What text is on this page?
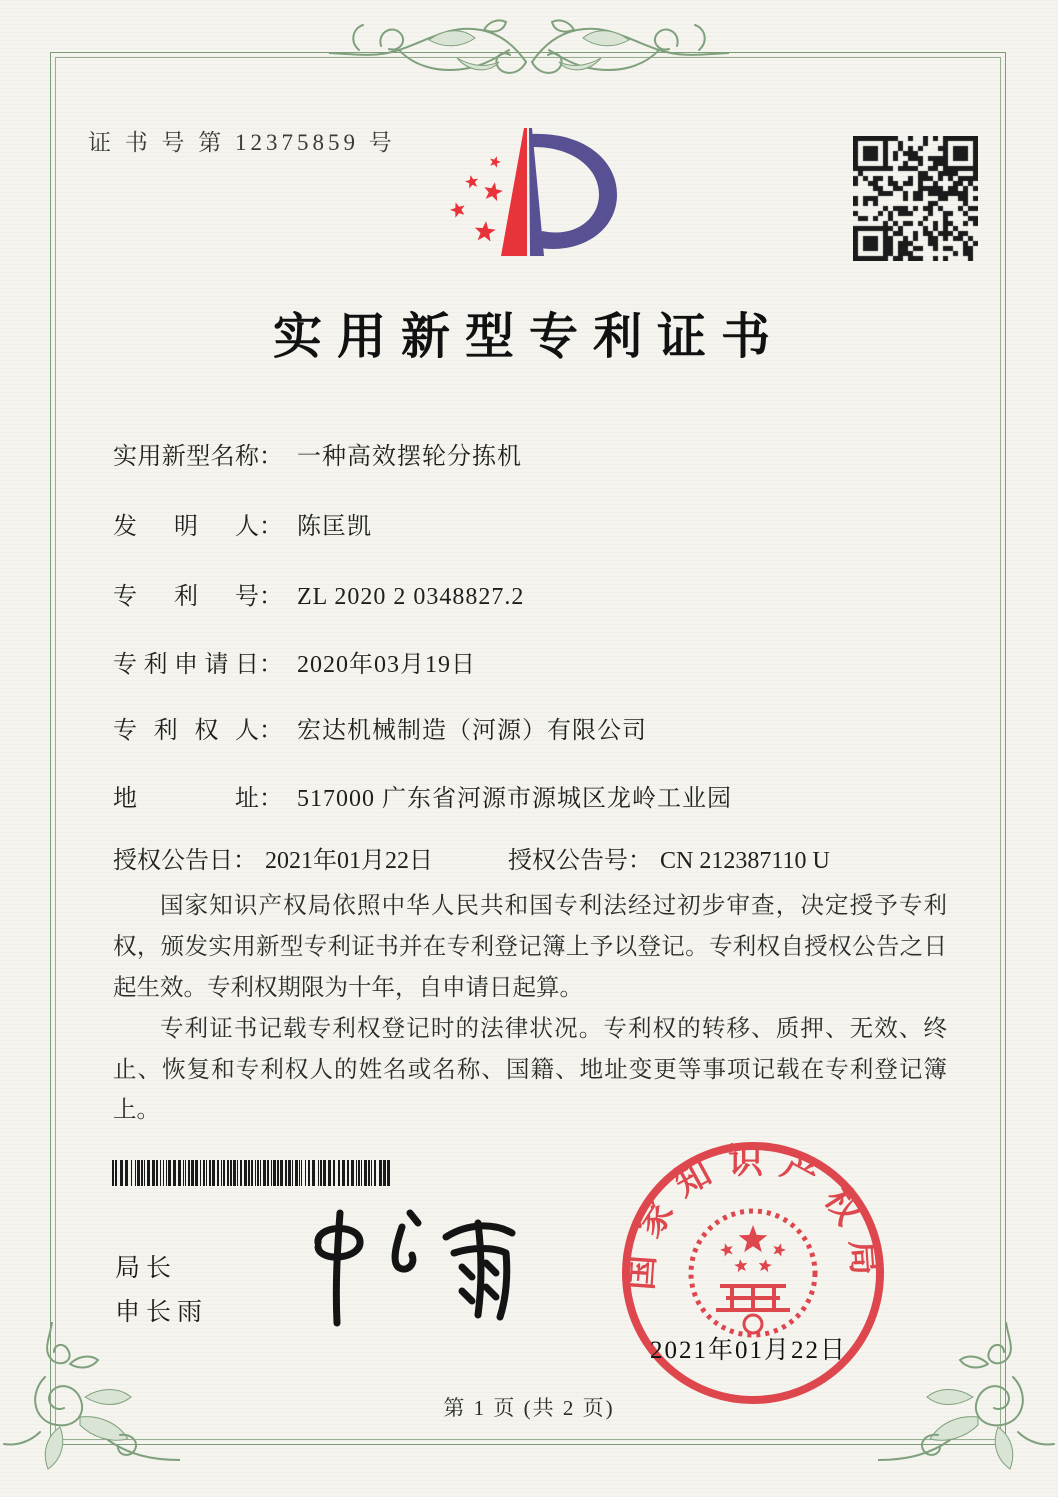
证 书 号 第 12375859 号
实用新型专利证书
实用新型名称： 一种高效摆轮分拣机
发明人： 陈匡凯
专利号： ZL 2020 2 0348827.2
专利申请日： 2020年03月19日
专利权人： 宏达机械制造（河源）有限公司
地址： 517000 广东省河源市源城区龙岭工业园
授权公告日： 2021年01月22日	授权公告号： CN 212387110 U

国家知识产权局依照中华人民共和国专利法经过初步审查，决定授予专利权，颁发实用新型专利证书并在专利登记簿上予以登记。专利权自授权公告之日起生效。专利权期限为十年，自申请日起算。

专利证书记载专利权登记时的法律状况。专利权的转移、质押、无效、终止、恢复和专利权人的姓名或名称、国籍、地址变更等事项记载在专利登记簿上。

局长
申长雨
国家知识产权局
2021年01月22日
第 1 页 (共 2 页)
